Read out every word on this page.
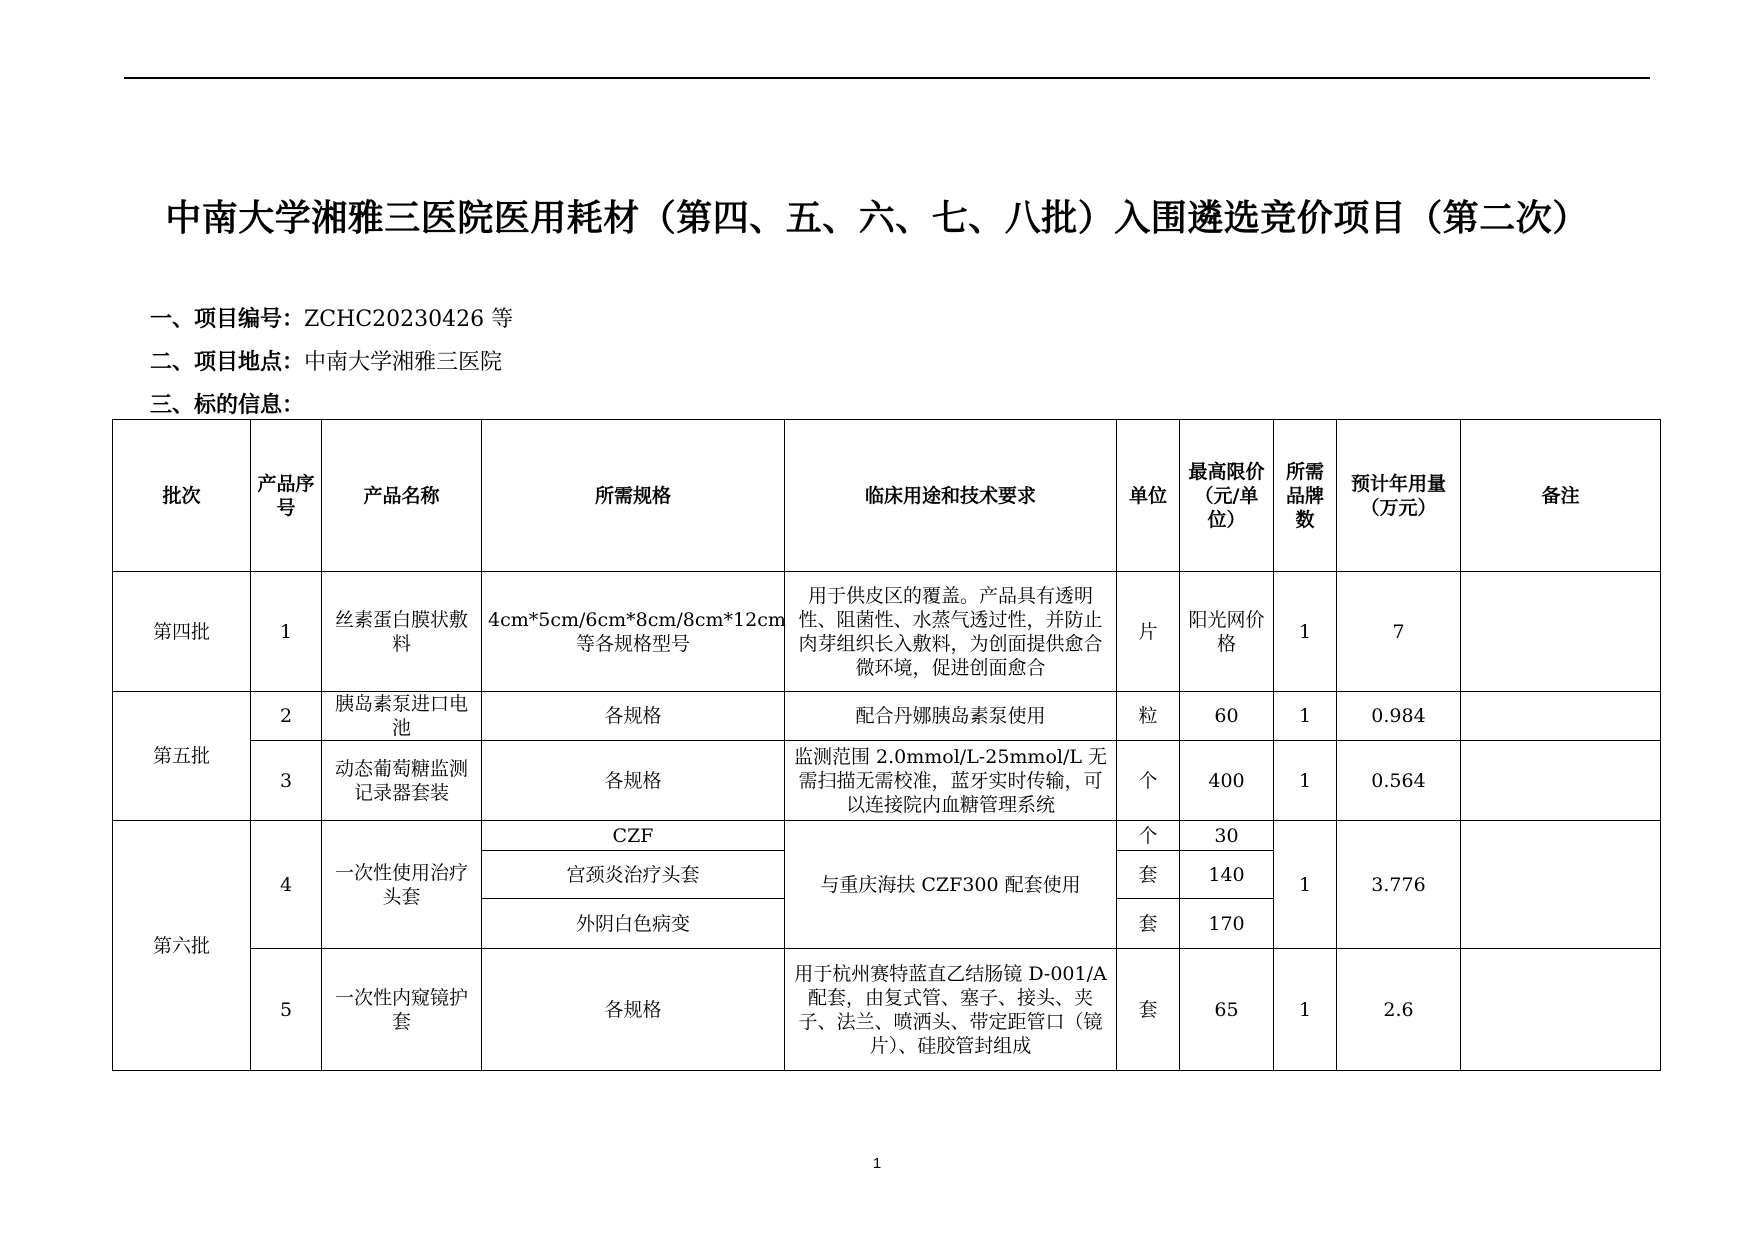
中南大学湘雅三医院医用耗材（第四、五、六、七、八批）入围遴选竞价项目（第二次）
一、项目编号：ZCHC20230426 等
二、项目地点：中南大学湘雅三医院
三、标的信息：
批次	产品序号	产品名称	所需规格	临床用途和技术要求	单位	最高限价（元/单位）	所需品牌数	预计年用量（万元）	备注
第四批	1	丝素蛋白膜状敷料	4cm*5cm/6cm*8cm/8cm*12cm 等各规格型号	用于供皮区的覆盖。产品具有透明性、阻菌性、水蒸气透过性，并防止肉芽组织长入敷料，为创面提供愈合微环境，促进创面愈合	片	阳光网价格	1	7	
第五批	2	胰岛素泵进口电池	各规格	配合丹娜胰岛素泵使用	粒	60	1	0.984	
	3	动态葡萄糖监测记录器套装	各规格	监测范围 2.0mmol/L-25mmol/L 无需扫描无需校准，蓝牙实时传输，可以连接院内血糖管理系统	个	400	1	0.564	
第六批	4	一次性使用治疗头套	CZF	与重庆海扶 CZF300 配套使用	个	30	1	3.776	
			宫颈炎治疗头套		套	140			
			外阴白色病变		套	170			
	5	一次性内窥镜护套	各规格	用于杭州赛特蓝直乙结肠镜 D-001/A 配套，由复式管、塞子、接头、夹子、法兰、喷洒头、带定距管口（镜片）、硅胶管封组成	套	65	1	2.6	
1
